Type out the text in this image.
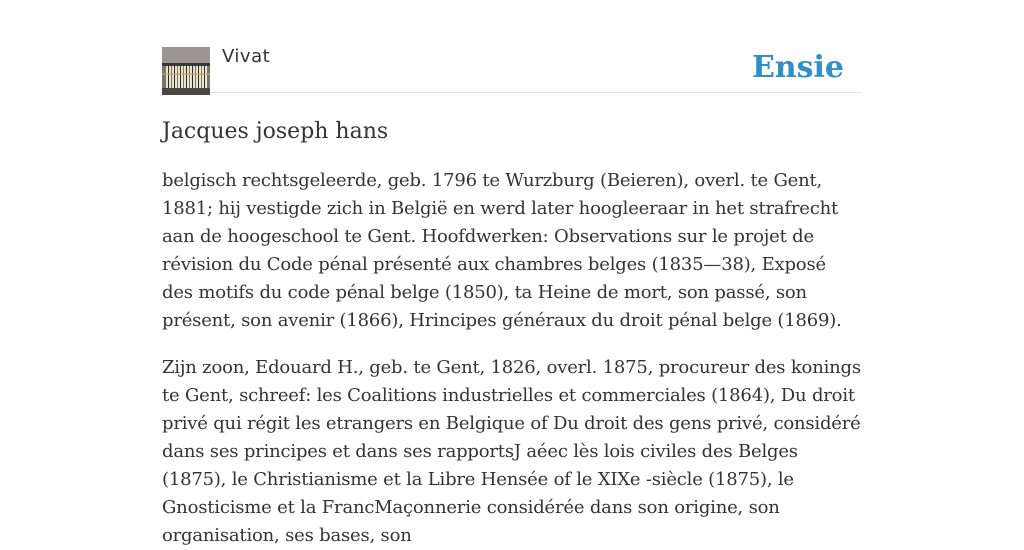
Vivat	Ensie
Jacques joseph hans

belgisch rechtsgeleerde, geb. 1796 te Wurzburg (Beieren), overl. te Gent, 1881; hij vestigde zich in België en werd later hoogleeraar in het strafrecht aan de hoogeschool te Gent. Hoofdwerken: Observations sur le projet de révision du Code pénal présenté aux chambres belges (1835—38), Exposé des motifs du code pénal belge (1850), ta Heine de mort, son passé, son présent, son avenir (1866), Hrincipes généraux du droit pénal belge (1869).

Zijn zoon, Edouard H., geb. te Gent, 1826, overl. 1875, procureur des konings te Gent, schreef: les Coalitions industrielles et commerciales (1864), Du droit privé qui régit les etrangers en Belgique of Du droit des gens privé, considéré dans ses principes et dans ses rapportsJ aéec lès lois civiles des Belges (1875), le Christianisme et la Libre Hensée of le XIXe -siècle (1875), le Gnosticisme et la FrancMaçonnerie considérée dans son origine, son organisation, ses bases, son
